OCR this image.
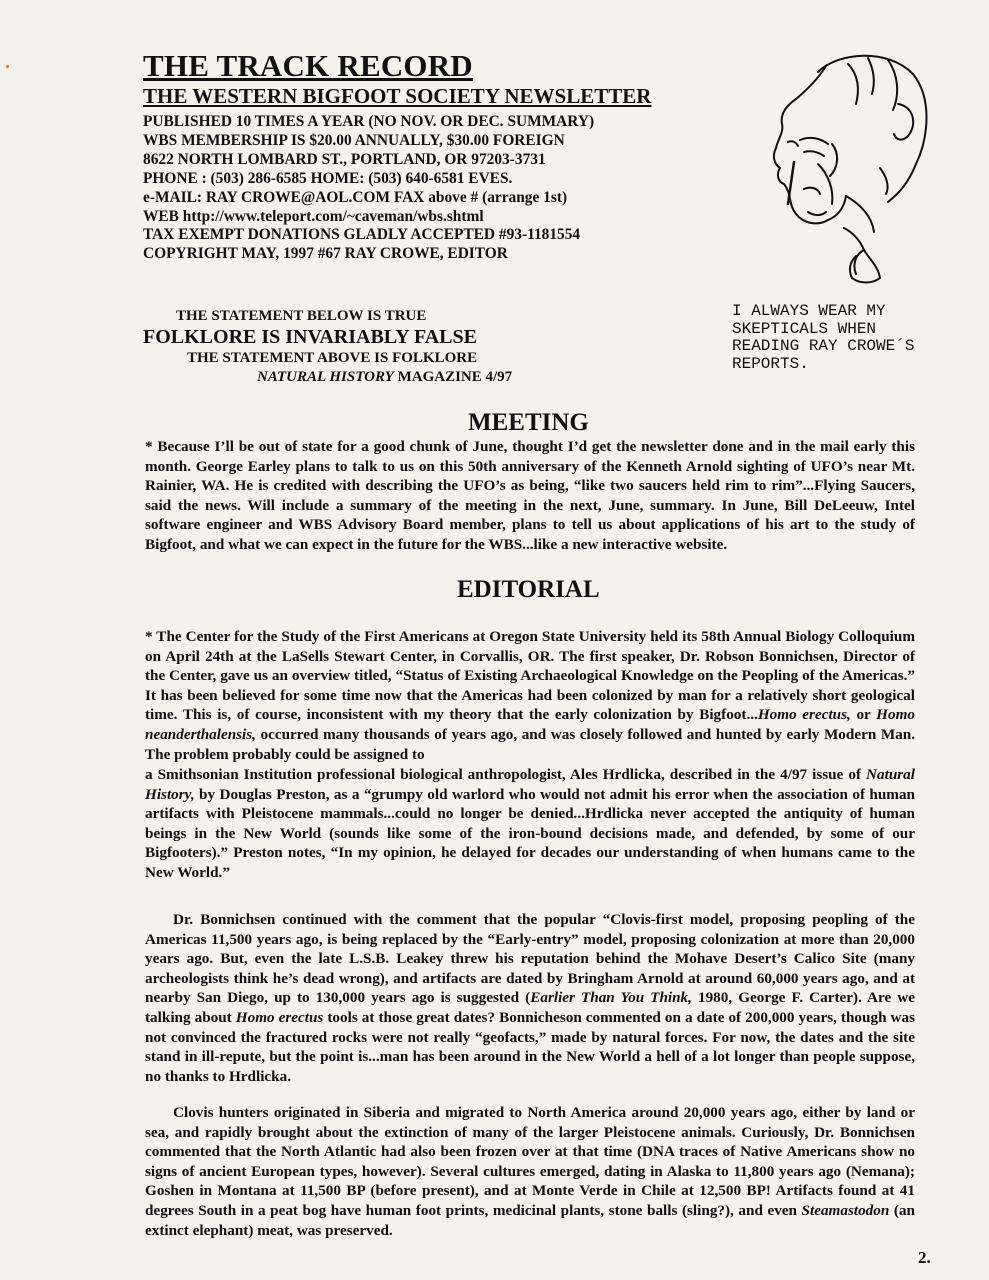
THE TRACK RECORD
THE WESTERN BIGFOOT SOCIETY NEWSLETTER
PUBLISHED 10 TIMES A YEAR (NO NOV. OR DEC. SUMMARY)
WBS MEMBERSHIP IS $20.00 ANNUALLY, $30.00 FOREIGN
8622 NORTH LOMBARD ST., PORTLAND, OR 97203-3731
PHONE : (503) 286-6585 HOME: (503) 640-6581 EVES.
e-MAIL: RAY CROWE@AOL.COM FAX above # (arrange 1st)
WEB http://www.teleport.com/~caveman/wbs.shtml
TAX EXEMPT DONATIONS GLADLY ACCEPTED #93-1181554
COPYRIGHT MAY, 1997 #67 RAY CROWE, EDITOR
I ALWAYS WEAR MY
SKEPTICALS WHEN
READING RAY CROWE´S
REPORTS.
THE STATEMENT BELOW IS TRUE
FOLKLORE IS INVARIABLY FALSE
THE STATEMENT ABOVE IS FOLKLORE
NATURAL HISTORY MAGAZINE 4/97
MEETING
* Because I’ll be out of state for a good chunk of June, thought I’d get the newsletter done and in the mail early this month. George Earley plans to talk to us on this 50th anniversary of the Kenneth Arnold sighting of UFO’s near Mt. Rainier, WA. He is credited with describing the UFO’s as being, “like two saucers held rim to rim”...Flying Saucers, said the news. Will include a summary of the meeting in the next, June, summary. In June, Bill DeLeeuw, Intel software engineer and WBS Advisory Board member, plans to tell us about applications of his art to the study of Bigfoot, and what we can expect in the future for the WBS...like a new interactive website.
EDITORIAL
* The Center for the Study of the First Americans at Oregon State University held its 58th Annual Biology Colloquium on April 24th at the LaSells Stewart Center, in Corvallis, OR. The first speaker, Dr. Robson Bonnichsen, Director of the Center, gave us an overview titled, “Status of Existing Archaeological Knowledge on the Peopling of the Americas.” It has been believed for some time now that the Americas had been colonized by man for a relatively short geological time. This is, of course, inconsistent with my theory that the early colonization by Bigfoot...Homo erectus, or Homo neanderthalensis, occurred many thousands of years ago, and was closely followed and hunted by early Modern Man. The problem probably could be assigned to
a Smithsonian Institution professional biological anthropologist, Ales Hrdlicka, described in the 4/97 issue of Natural History, by Douglas Preston, as a “grumpy old warlord who would not admit his error when the association of human artifacts with Pleistocene mammals...could no longer be denied...Hrdlicka never accepted the antiquity of human beings in the New World (sounds like some of the iron-bound decisions made, and defended, by some of our Bigfooters).” Preston notes, “In my opinion, he delayed for decades our understanding of when humans came to the New World.”
Dr. Bonnichsen continued with the comment that the popular “Clovis-first model, proposing peopling of the Americas 11,500 years ago, is being replaced by the “Early-entry” model, proposing colonization at more than 20,000 years ago. But, even the late L.S.B. Leakey threw his reputation behind the Mohave Desert’s Calico Site (many archeologists think he’s dead wrong), and artifacts are dated by Bringham Arnold at around 60,000 years ago, and at nearby San Diego, up to 130,000 years ago is suggested (Earlier Than You Think, 1980, George F. Carter). Are we talking about Homo erectus tools at those great dates? Bonnicheson commented on a date of 200,000 years, though was not convinced the fractured rocks were not really “geofacts,” made by natural forces. For now, the dates and the site stand in ill-repute, but the point is...man has been around in the New World a hell of a lot longer than people suppose, no thanks to Hrdlicka.
Clovis hunters originated in Siberia and migrated to North America around 20,000 years ago, either by land or sea, and rapidly brought about the extinction of many of the larger Pleistocene animals. Curiously, Dr. Bonnichsen commented that the North Atlantic had also been frozen over at that time (DNA traces of Native Americans show no signs of ancient European types, however). Several cultures emerged, dating in Alaska to 11,800 years ago (Nemana); Goshen in Montana at 11,500 BP (before present), and at Monte Verde in Chile at 12,500 BP! Artifacts found at 41 degrees South in a peat bog have human foot prints, medicinal plants, stone balls (sling?), and even Steamastodon (an extinct elephant) meat, was preserved.
2.
